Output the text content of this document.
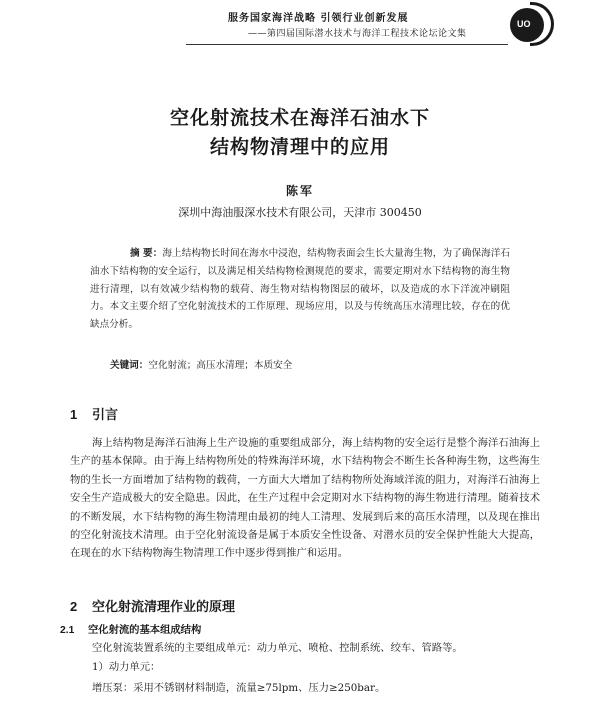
服务国家海洋战略 引领行业创新发展
——第四届国际潜水技术与海洋工程技术论坛论文集
UO
空化射流技术在海洋石油水下
结构物清理中的应用
陈军
深圳中海油服深水技术有限公司，天津市 300450
摘 要：海上结构物长时间在海水中浸泡，结构物表面会生长大量海生物，为了确保海洋石油水下结构物的安全运行，以及满足相关结构物检测规范的要求，需要定期对水下结构物的海生物进行清理，以有效减少结构物的载荷、海生物对结构物图层的破坏，以及造成的水下洋流冲刷阻力。本文主要介绍了空化射流技术的工作原理、现场应用，以及与传统高压水清理比较，存在的优缺点分析。
关键词：空化射流；高压水清理；本质安全
1 引言
海上结构物是海洋石油海上生产设施的重要组成部分，海上结构物的安全运行是整个海洋石油海上生产的基本保障。由于海上结构物所处的特殊海洋环境，水下结构物会不断生长各种海生物，这些海生物的生长一方面增加了结构物的载荷，一方面大大增加了结构物所处海域洋流的阻力，对海洋石油海上安全生产造成极大的安全隐患。因此，在生产过程中会定期对水下结构物的海生物进行清理。随着技术的不断发展，水下结构物的海生物清理由最初的纯人工清理、发展到后来的高压水清理，以及现在推出的空化射流技术清理。由于空化射流设备是属于本质安全性设备、对潜水员的安全保护性能大大提高，在现在的水下结构物海生物清理工作中逐步得到推广和运用。
2 空化射流清理作业的原理
2.1 空化射流的基本组成结构
空化射流装置系统的主要组成单元：动力单元、喷枪、控制系统、绞车、管路等。
1）动力单元：
增压泵：采用不锈钢材料制造，流量≥75lpm、压力≥250bar。
